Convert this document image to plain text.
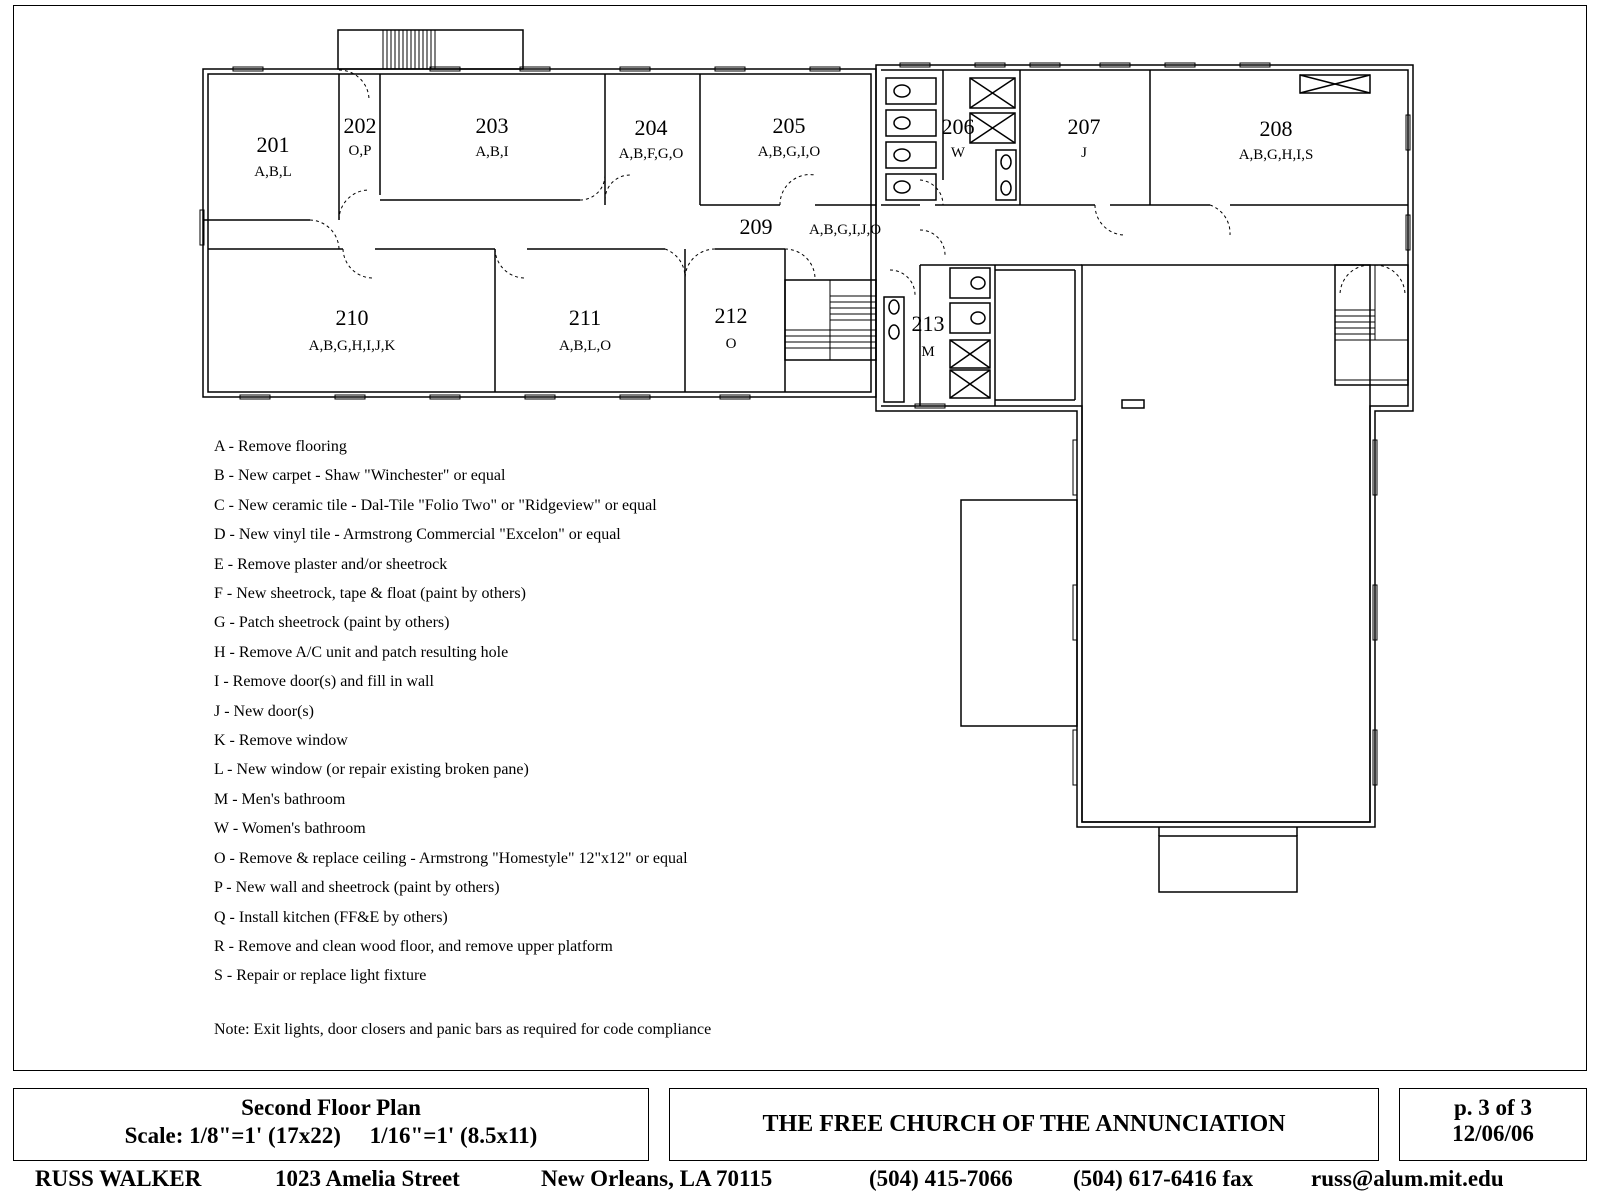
201
A,B,L
202
O,P
203
A,B,I
204
A,B,F,G,O
205
A,B,G,I,O
206
W
207
J
208
A,B,G,H,I,S
209 A,B,G,I,J,O
210
A,B,G,H,I,J,K
211
A,B,L,O
212
O
213
M
A - Remove flooring
B - New carpet - Shaw "Winchester" or equal
C - New ceramic tile - Dal-Tile "Folio Two" or "Ridgeview" or equal
D - New vinyl tile - Armstrong Commercial "Excelon" or equal
E - Remove plaster and/or sheetrock
F - New sheetrock, tape & float (paint by others)
G - Patch sheetrock (paint by others)
H - Remove A/C unit and patch resulting hole
I - Remove door(s) and fill in wall
J - New door(s)
K - Remove window
L - New window (or repair existing broken pane)
M - Men's bathroom
W - Women's bathroom
O - Remove & replace ceiling - Armstrong "Homestyle" 12"x12" or equal
P - New wall and sheetrock (paint by others)
Q - Install kitchen (FF&E by others)
R - Remove and clean wood floor, and remove upper platform
S - Repair or replace light fixture
Note: Exit lights, door closers and panic bars as required for code compliance
Second Floor Plan
Scale: 1/8"=1' (17x22) 1/16"=1' (8.5x11)	THE FREE CHURCH OF THE ANNUNCIATION
p. 3 of 3
12/06/06
RUSS WALKER	1023 Amelia Street	New Orleans, LA 70115	(504) 415-7066	(504) 617-6416 fax	russ@alum.mit.edu
